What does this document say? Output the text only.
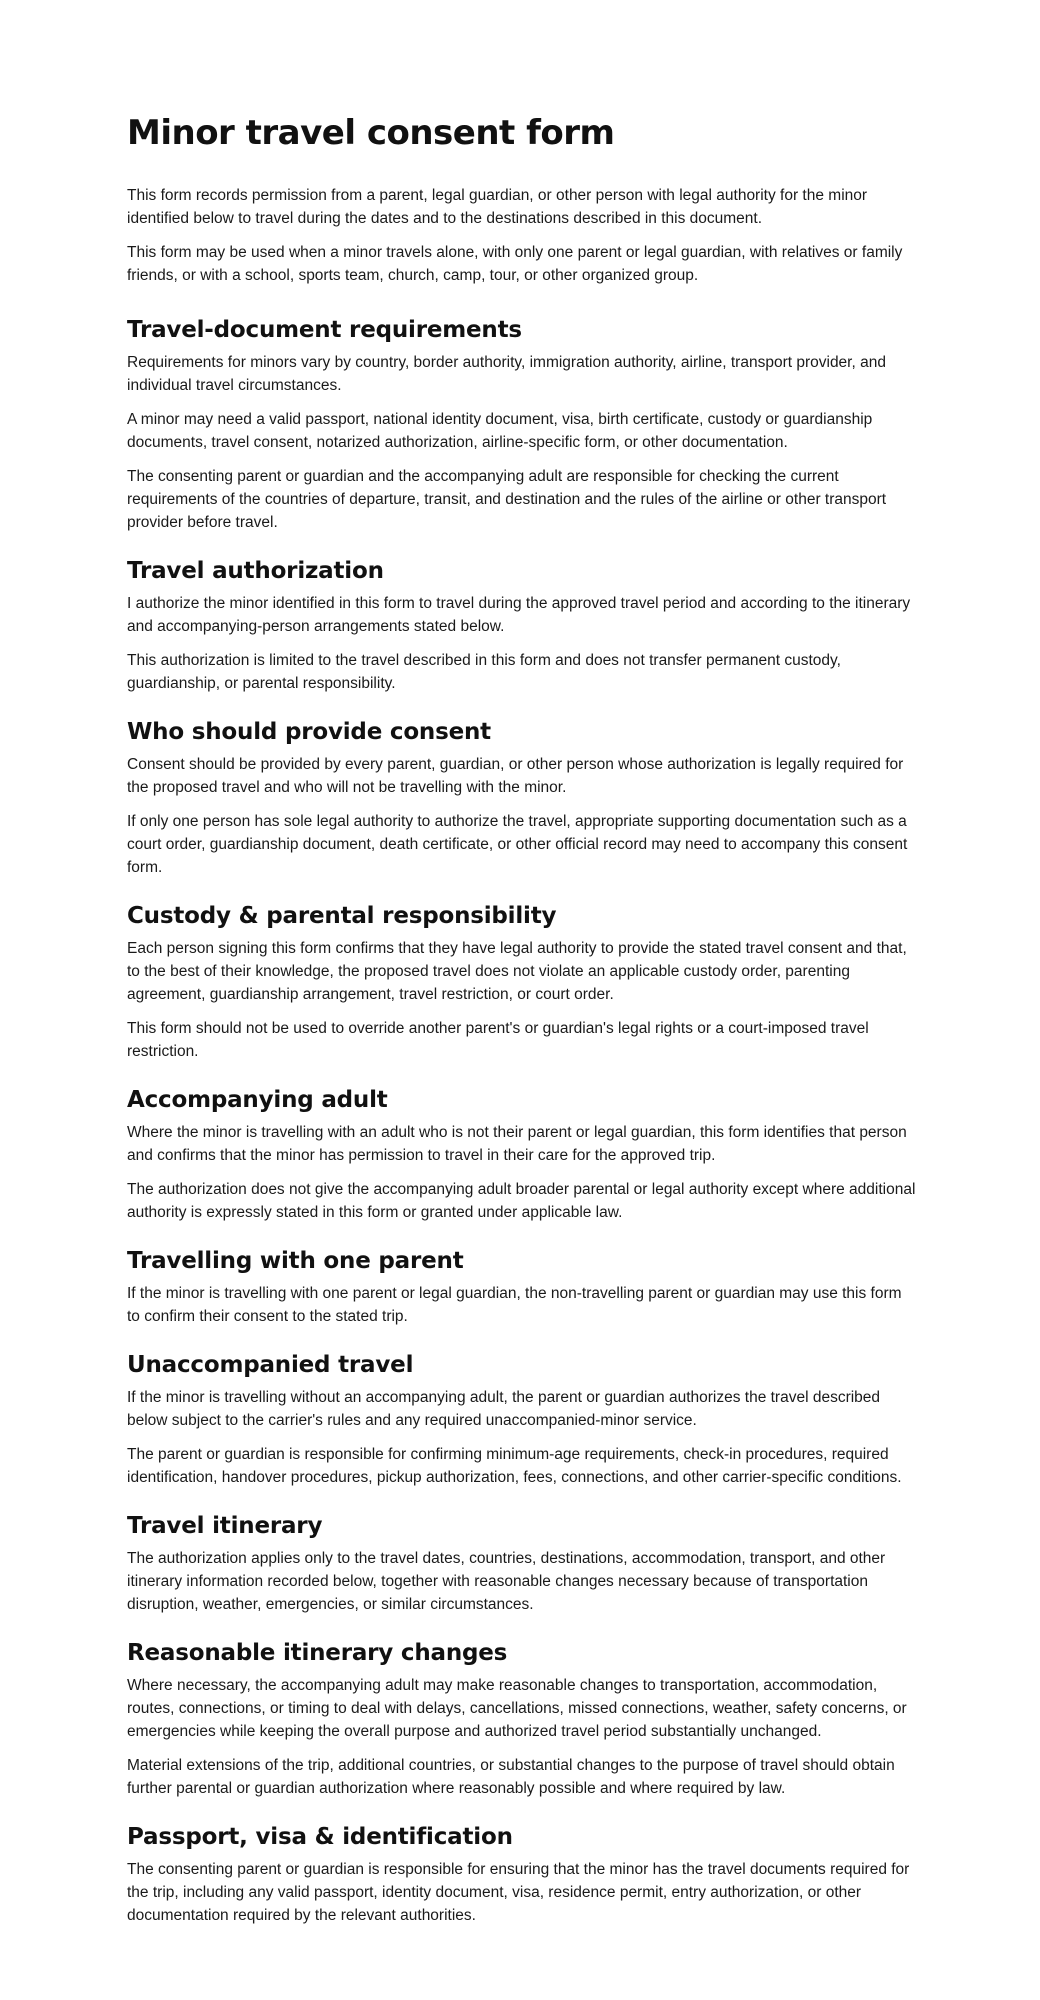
Minor travel consent form

This form records permission from a parent, legal guardian, or other person with legal authority for the minor identified below to travel during the dates and to the destinations described in this document.

This form may be used when a minor travels alone, with only one parent or legal guardian, with relatives or family friends, or with a school, sports team, church, camp, tour, or other organized group.

Travel-document requirements

Requirements for minors vary by country, border authority, immigration authority, airline, transport provider, and individual travel circumstances.

A minor may need a valid passport, national identity document, visa, birth certificate, custody or guardianship documents, travel consent, notarized authorization, airline-specific form, or other documentation.

The consenting parent or guardian and the accompanying adult are responsible for checking the current requirements of the countries of departure, transit, and destination and the rules of the airline or other transport provider before travel.

Travel authorization

I authorize the minor identified in this form to travel during the approved travel period and according to the itinerary and accompanying-person arrangements stated below.

This authorization is limited to the travel described in this form and does not transfer permanent custody, guardianship, or parental responsibility.

Who should provide consent

Consent should be provided by every parent, guardian, or other person whose authorization is legally required for the proposed travel and who will not be travelling with the minor.

If only one person has sole legal authority to authorize the travel, appropriate supporting documentation such as a court order, guardianship document, death certificate, or other official record may need to accompany this consent form.

Custody & parental responsibility

Each person signing this form confirms that they have legal authority to provide the stated travel consent and that, to the best of their knowledge, the proposed travel does not violate an applicable custody order, parenting agreement, guardianship arrangement, travel restriction, or court order.

This form should not be used to override another parent's or guardian's legal rights or a court-imposed travel restriction.

Accompanying adult

Where the minor is travelling with an adult who is not their parent or legal guardian, this form identifies that person and confirms that the minor has permission to travel in their care for the approved trip.

The authorization does not give the accompanying adult broader parental or legal authority except where additional authority is expressly stated in this form or granted under applicable law.

Travelling with one parent

If the minor is travelling with one parent or legal guardian, the non-travelling parent or guardian may use this form to confirm their consent to the stated trip.

Unaccompanied travel

If the minor is travelling without an accompanying adult, the parent or guardian authorizes the travel described below subject to the carrier's rules and any required unaccompanied-minor service.

The parent or guardian is responsible for confirming minimum-age requirements, check-in procedures, required identification, handover procedures, pickup authorization, fees, connections, and other carrier-specific conditions.

Travel itinerary

The authorization applies only to the travel dates, countries, destinations, accommodation, transport, and other itinerary information recorded below, together with reasonable changes necessary because of transportation disruption, weather, emergencies, or similar circumstances.

Reasonable itinerary changes

Where necessary, the accompanying adult may make reasonable changes to transportation, accommodation, routes, connections, or timing to deal with delays, cancellations, missed connections, weather, safety concerns, or emergencies while keeping the overall purpose and authorized travel period substantially unchanged.

Material extensions of the trip, additional countries, or substantial changes to the purpose of travel should obtain further parental or guardian authorization where reasonably possible and where required by law.

Passport, visa & identification

The consenting parent or guardian is responsible for ensuring that the minor has the travel documents required for the trip, including any valid passport, identity document, visa, residence permit, entry authorization, or other documentation required by the relevant authorities.
